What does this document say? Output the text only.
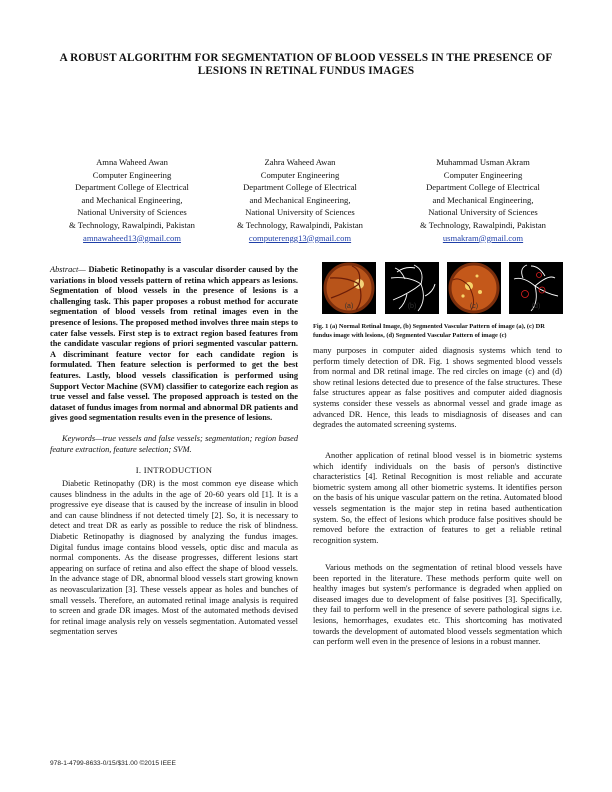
A ROBUST ALGORITHM FOR SEGMENTATION OF BLOOD VESSELS IN THE PRESENCE OF LESIONS IN RETINAL FUNDUS IMAGES
Amna Waheed Awan
Computer Engineering
Department College of Electrical
and Mechanical Engineering,
National University of Sciences
& Technology, Rawalpindi, Pakistan
amnawaheed13@gmail.com
Zahra Waheed Awan
Computer Engineering
Department College of Electrical
and Mechanical Engineering,
National University of Sciences
& Technology, Rawalpindi, Pakistan
computerengg13@gmail.com
Muhammad Usman Akram
Computer Engineering
Department College of Electrical
and Mechanical Engineering,
National University of Sciences
& Technology, Rawalpindi, Pakistan
usmakram@gmail.com

Abstract— Diabetic Retinopathy is a vascular disorder caused by the variations in blood vessels pattern of retina which appears as lesions. Segmentation of blood vessels in the presence of lesions is a challenging task. This paper proposes a robust method for accurate segmentation of blood vessels from retinal images even in the presence of lesions. The proposed method involves three main steps to cater false vessels. First step is to extract region based features from the candidate vascular regions of priori segmented vascular pattern. A discriminant feature vector for each candidate region is formulated. Then feature selection is performed to get the best features. Lastly, blood vessels classification is performed using Support Vector Machine (SVM) classifier to categorize each region as true vessel and false vessel. The proposed approach is tested on the dataset of fundus images from normal and abnormal DR patients and gives good segmentation results even in the presence of lesions.

Keywords—true vessels and false vessels; segmentation; region based feature extraction, feature selection; SVM.

I. INTRODUCTION

Diabetic Retinopathy (DR) is the most common eye disease which causes blindness in the adults in the age of 20-60 years old [1]. It is a progressive eye disease that is caused by the increase of insulin in blood and can cause blindness if not detected timely [2]. So, it is necessary to detect and treat DR as early as possible to reduce the risk of blindness. Diabetic Retinopathy is diagnosed by analyzing the fundus images. Digital fundus image contains blood vessels, optic disc and macula as normal components. As the disease progresses, different lesions start appearing on surface of retina and also effect the shape of blood vessels. In the advance stage of DR, abnormal blood vessels start growing known as neovascularization [3]. These vessels appear as holes and bunches of small vessels. Therefore, an automated retinal image analysis is required to screen and grade DR images. Most of the automated methods devised for retinal image analysis rely on vessels segmentation. Automated vessel segmentation serves

(a)	(b)	(c)	(d)
Fig. 1 (a) Normal Retinal Image, (b) Segmented Vascular Pattern of image (a), (c) DR fundus image with lesions, (d) Segmented Vascular Pattern of image (c)

many purposes in computer aided diagnosis systems which tend to perform timely detection of DR. Fig. 1 shows segmented blood vessels from normal and DR retinal image. The red circles on image (c) and (d) show retinal lesions detected due to presence of the false structures. These false structures appear as false positives and computer aided diagnosis systems consider these vessels as abnormal vessel and grade image as advanced DR. Hence, this leads to misdiagnosis of diseases and can degrades the automated screening systems.

Another application of retinal blood vessel is in biometric systems which identify individuals on the basis of person's distinctive characteristics [4]. Retinal Recognition is most reliable and accurate biometric system among all other biometric systems. It identifies person on the basis of his unique vascular pattern on the retina. Automated blood vessels segmentation is the major step in retina based authentication system. So, the effect of lesions which produce false positives should be removed before the extraction of features to get a reliable retinal recognition system.

Various methods on the segmentation of retinal blood vessels have been reported in the literature. These methods perform quite well on healthy images but system's performance is degraded when applied on diseased images due to development of false positives [3]. Specifically, they fail to perform well in the presence of severe pathological signs i.e. lesions, hemorrhages, exudates etc. This shortcoming has motivated towards the development of automated blood vessels segmentation which can perform well even in the presence of lesions in a robust manner.

978-1-4799-8633-0/15/$31.00 ©2015 IEEE
